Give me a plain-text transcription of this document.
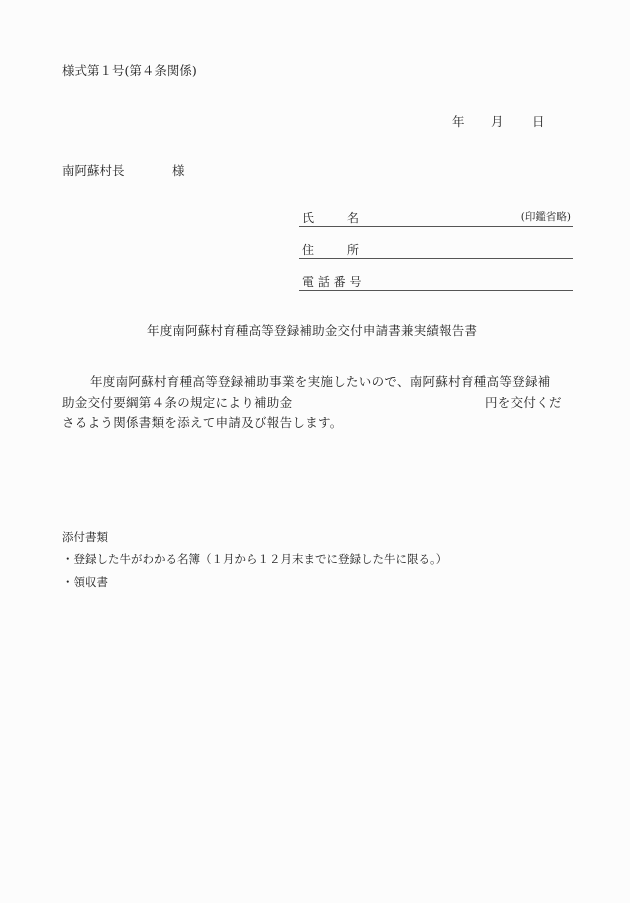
様式第１号(第４条関係)
年 月 日
南阿蘇村長	様
氏	名	(印鑑省略)
住	所
電 話 番 号
年度南阿蘇村育種高等登録補助金交付申請書兼実績報告書
年度南阿蘇村育種高等登録補助事業を実施したいので、南阿蘇村育種高等登録補
助金交付要綱第４条の規定により補助金	円を交付くだ
さるよう関係書類を添えて申請及び報告します。
添付書類
・登録した牛がわかる名簿（１月から１２月末までに登録した牛に限る。）
・領収書
